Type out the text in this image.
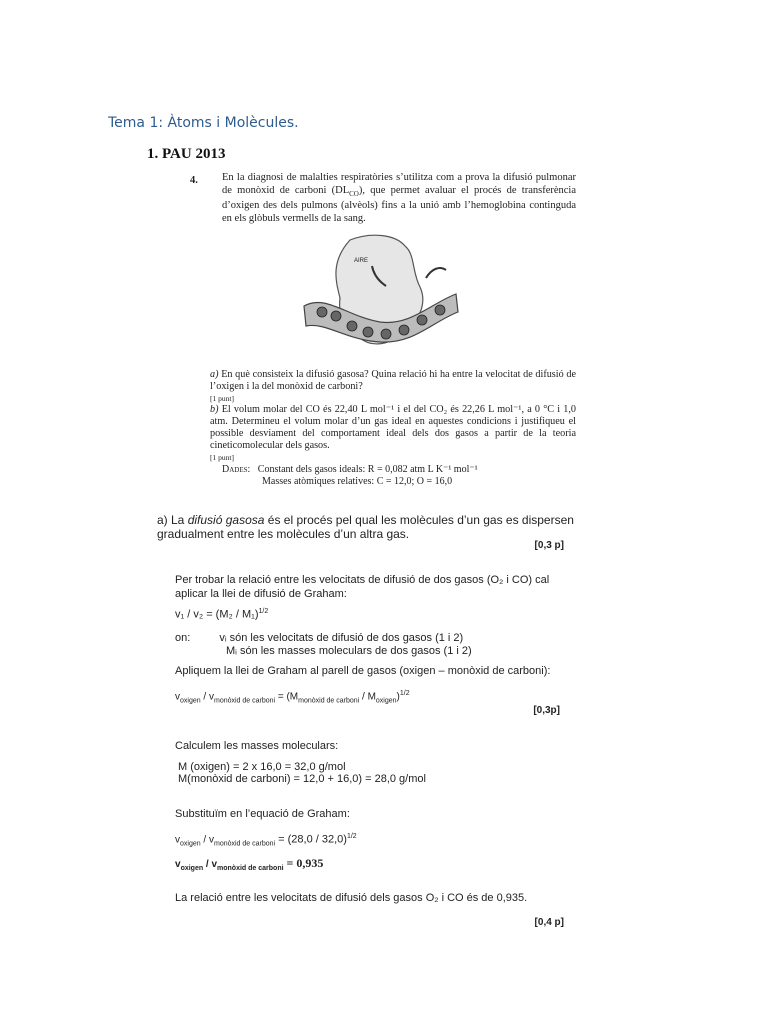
Tema 1: Àtoms i Molècules.
1. PAU 2013
4. En la diagnosi de malalties respiratòries s’utilitza com a prova la difusió pulmonar de monòxid de carboni $(DL_{CO})$, que permet avaluar el procés de transferència d’oxigen des dels pulmons (alvèols) fins a la unió amb l’hemoglobina continguda en els glòbuls vermells de la sang.
AIRE
a) En què consisteix la difusió gasosa? Quina relació hi ha entre la velocitat de difusió de l’oxigen i la del monòxid de carboni?
[1 punt]
b) El volum molar del CO és 22,40 L mol⁻¹ i el del CO₂ és 22,26 L mol⁻¹, a 0 °C i 1,0 atm. Determineu el volum molar d’un gas ideal en aquestes condicions i justifiqueu el possible desviament del comportament ideal dels dos gasos a partir de la teoria cineticomolecular dels gasos.
[1 punt]
Dades: Constant dels gasos ideals: R = 0,082 atm L K⁻¹ mol⁻¹
Masses atòmiques relatives: C = 12,0; O = 16,0
a) La difusió gasosa és el procés pel qual les molècules d’un gas es dispersen gradualment entre les molècules d’un altra gas.
[0,3 p]
Per trobar la relació entre les velocitats de difusió de dos gasos (O₂ i CO) cal aplicar la llei de difusió de Graham:
v₁ / v₂ = (M₂ / M₁)$^{1/2}$
on:	vᵢ són les velocitats de difusió de dos gasos (1 i 2)
Mᵢ són les masses moleculars de dos gasos (1 i 2)
Apliquem la llei de Graham al parell de gasos (oxigen – monòxid de carboni):
$v_{oxigen} / v_{monòxid de carboni} = (M_{monòxid de carboni} / M_{oxigen})^{1/2}$
[0,3p]
Calculem les masses moleculars:
M (oxigen) = 2 x 16,0 = 32,0 g/mol
M(monòxid de carboni) = 12,0 + 16,0) = 28,0 g/mol
Substituïm en l’equació de Graham:
$v_{oxigen} / v_{monòxid de carboni} = (28,0 / 32,0)^{1/2}$
$v_{oxigen} / v_{monòxid de carboni} = 0,935$
La relació entre les velocitats de difusió dels gasos O₂ i CO és de 0,935.
[0,4 p]
